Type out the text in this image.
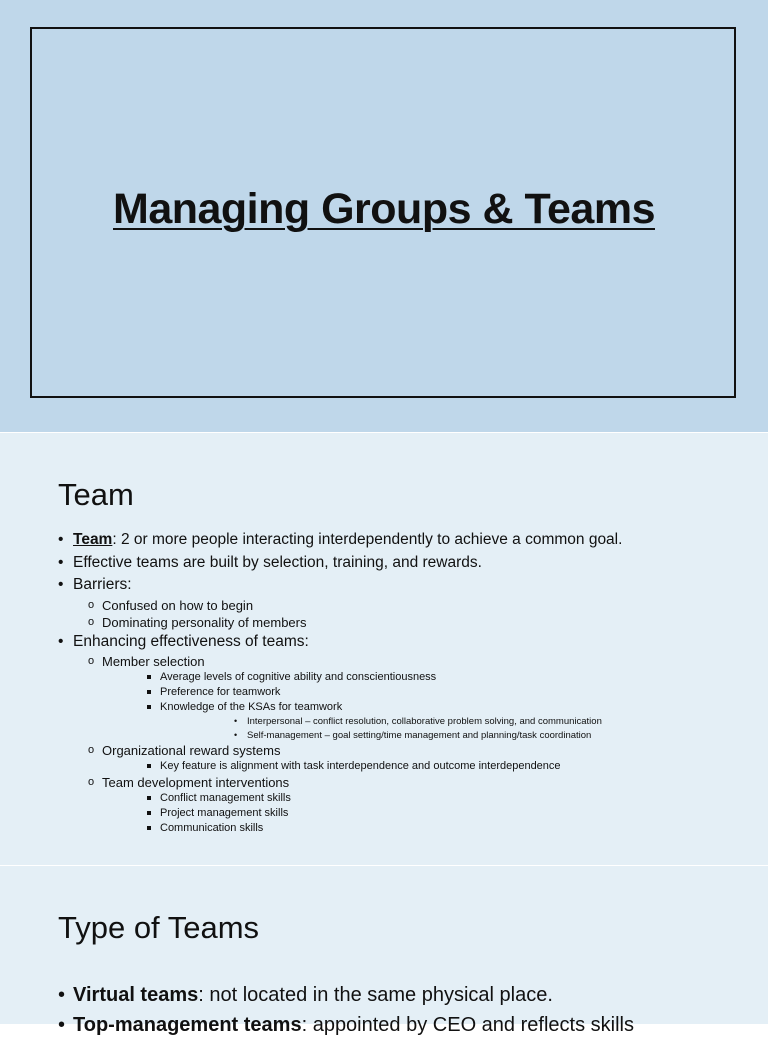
Managing Groups & Teams
Team
• Team: 2 or more people interacting interdependently to achieve a common goal.
• Effective teams are built by selection, training, and rewards.
• Barriers:
o Confused on how to begin
o Dominating personality of members
• Enhancing effectiveness of teams:
o Member selection
Average levels of cognitive ability and conscientiousness
Preference for teamwork
Knowledge of the KSAs for teamwork
• Interpersonal – conflict resolution, collaborative problem solving, and communication
• Self-management – goal setting/time management and planning/task coordination
o Organizational reward systems
Key feature is alignment with task interdependence and outcome interdependence
o Team development interventions
Conflict management skills
Project management skills
Communication skills
Type of Teams
• Virtual teams: not located in the same physical place.
• Top-management teams: appointed by CEO and reflects skills
